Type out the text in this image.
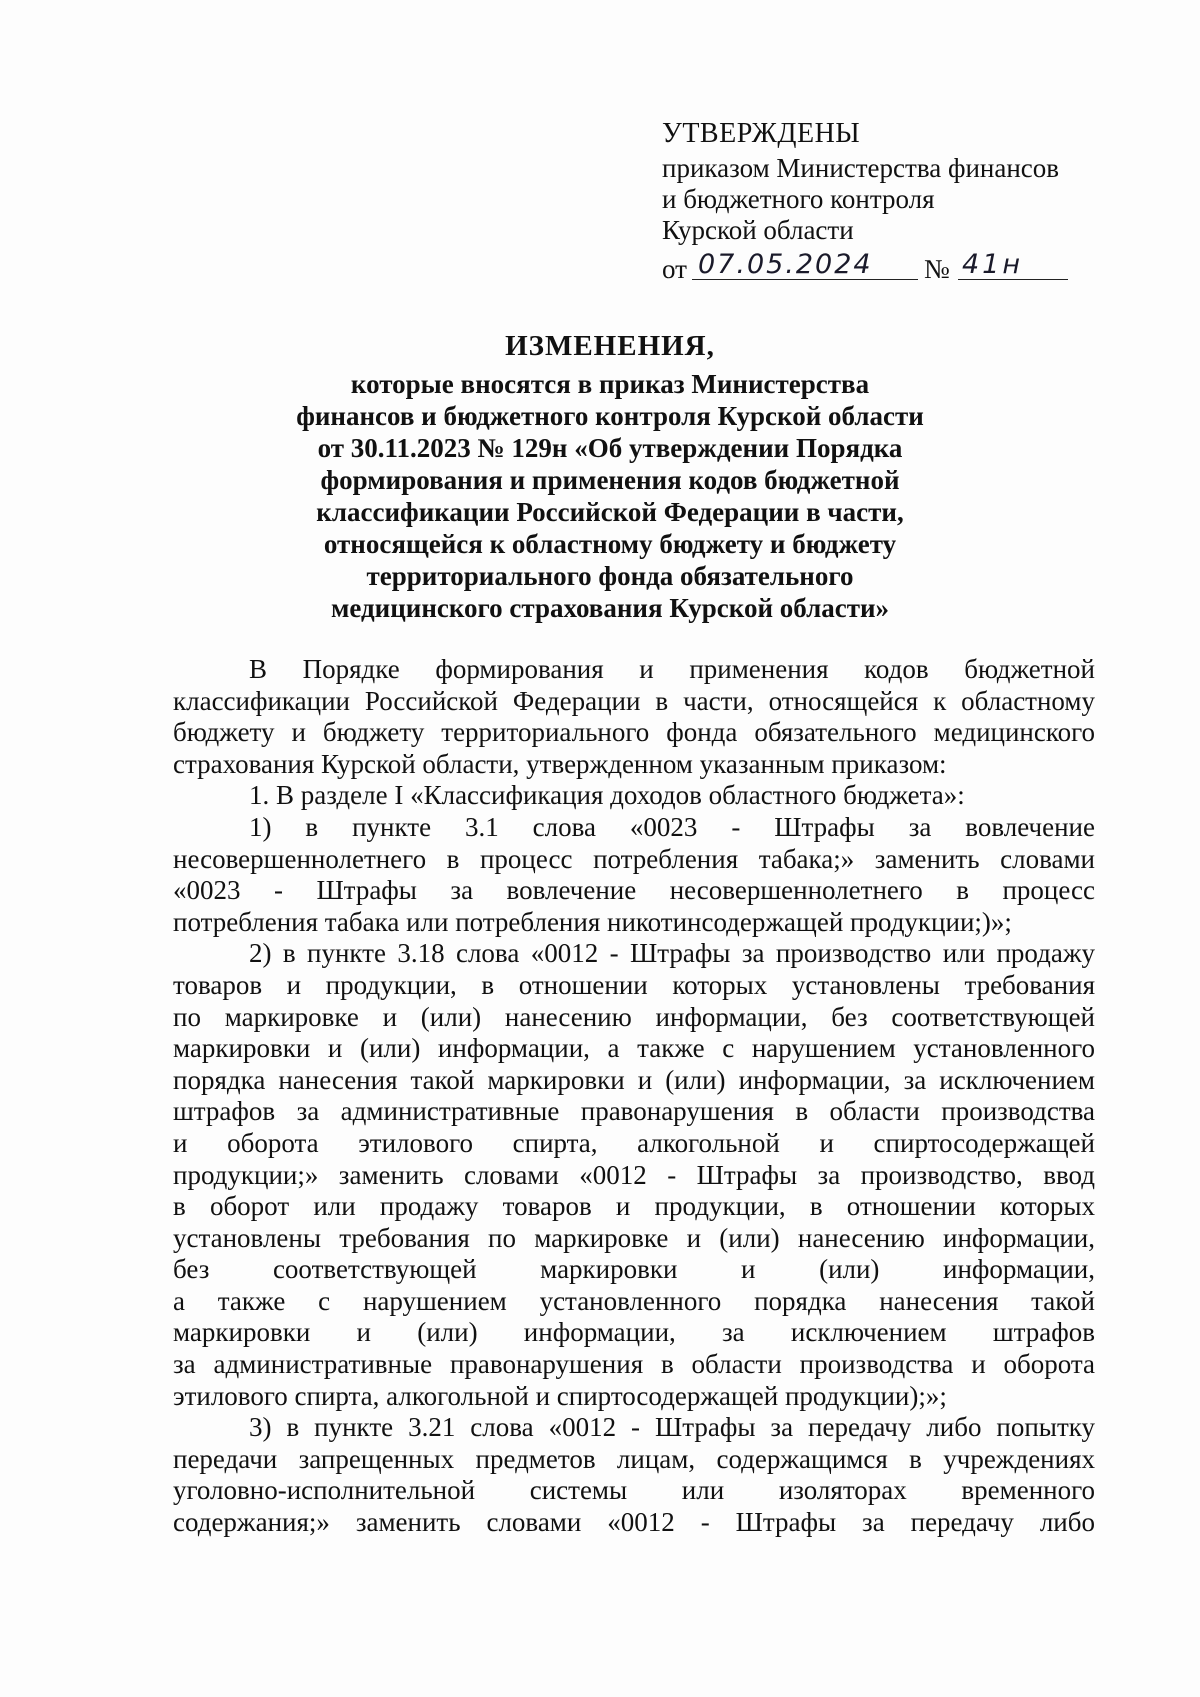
УТВЕРЖДЕНЫ
приказом Министерства финансов
и бюджетного контроля
Курской области
от 07.05.2024	№ 41н
ИЗМЕНЕНИЯ,
которые вносятся в приказ Министерства
финансов и бюджетного контроля Курской области
от 30.11.2023 № 129н «Об утверждении Порядка
формирования и применения кодов бюджетной
классификации Российской Федерации в части,
относящейся к областному бюджету и бюджету
территориального фонда обязательного
медицинского страхования Курской области»
В Порядке формирования и применения кодов бюджетной
классификации Российской Федерации в части, относящейся к областному
бюджету и бюджету территориального фонда обязательного медицинского
страхования Курской области, утвержденном указанным приказом:
1. В разделе I «Классификация доходов областного бюджета»:
1) в пункте 3.1 слова «0023 - Штрафы за вовлечение
несовершеннолетнего в процесс потребления табака;» заменить словами
«0023 - Штрафы за вовлечение несовершеннолетнего в процесс
потребления табака или потребления никотинсодержащей продукции;)»;
2) в пункте 3.18 слова «0012 - Штрафы за производство или продажу
товаров и продукции, в отношении которых установлены требования
по маркировке и (или) нанесению информации, без соответствующей
маркировки и (или) информации, а также с нарушением установленного
порядка нанесения такой маркировки и (или) информации, за исключением
штрафов за административные правонарушения в области производства
и оборота этилового спирта, алкогольной и спиртосодержащей
продукции;» заменить словами «0012 - Штрафы за производство, ввод
в оборот или продажу товаров и продукции, в отношении которых
установлены требования по маркировке и (или) нанесению информации,
без соответствующей маркировки и (или) информации,
а также с нарушением установленного порядка нанесения такой
маркировки и (или) информации, за исключением штрафов
за административные правонарушения в области производства и оборота
этилового спирта, алкогольной и спиртосодержащей продукции);»;
3) в пункте 3.21 слова «0012 - Штрафы за передачу либо попытку
передачи запрещенных предметов лицам, содержащимся в учреждениях
уголовно-исполнительной системы или изоляторах временного
содержания;» заменить словами «0012 - Штрафы за передачу либо
